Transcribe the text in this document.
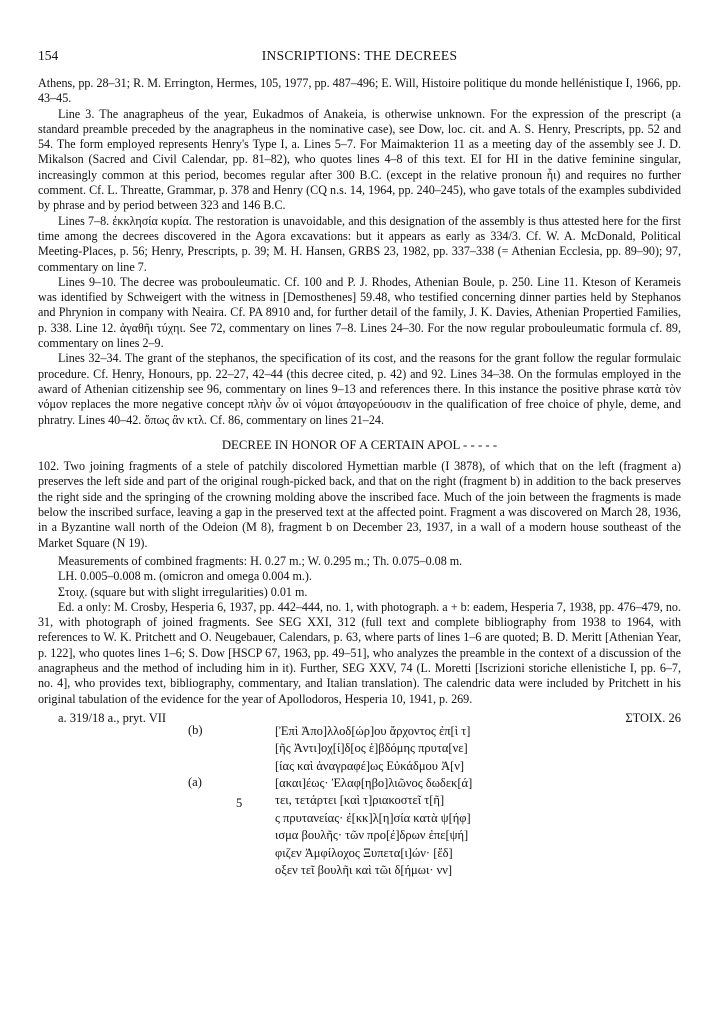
154	INSCRIPTIONS: THE DECREES

Athens, pp. 28–31; R. M. Errington, Hermes, 105, 1977, pp. 487–496; E. Will, Histoire politique du monde hellénistique I, 1966, pp. 43–45.

Line 3. The anagrapheus of the year, Eukadmos of Anakeia, is otherwise unknown. For the expression of the prescript (a standard preamble preceded by the anagrapheus in the nominative case), see Dow, loc. cit. and A. S. Henry, Prescripts, pp. 52 and 54. The form employed represents Henry's Type I, a. Lines 5–7. For Maimakterion 11 as a meeting day of the assembly see J. D. Mikalson (Sacred and Civil Calendar, pp. 81–82), who quotes lines 4–8 of this text. EI for HI in the dative feminine singular, increasingly common at this period, becomes regular after 300 B.C. (except in the relative pronoun ἧι) and requires no further comment. Cf. L. Threatte, Grammar, p. 378 and Henry (CQ n.s. 14, 1964, pp. 240–245), who gave totals of the examples subdivided by phrase and by period between 323 and 146 B.C.

Lines 7–8. ἐκκλησία κυρία. The restoration is unavoidable, and this designation of the assembly is thus attested here for the first time among the decrees discovered in the Agora excavations: but it appears as early as 334/3. Cf. W. A. McDonald, Political Meeting-Places, p. 56; Henry, Prescripts, p. 39; M. H. Hansen, GRBS 23, 1982, pp. 337–338 (= Athenian Ecclesia, pp. 89–90); 97, commentary on line 7.

Lines 9–10. The decree was probouleumatic. Cf. 100 and P. J. Rhodes, Athenian Boule, p. 250. Line 11. Kteson of Kerameis was identified by Schweigert with the witness in [Demosthenes] 59.48, who testified concerning dinner parties held by Stephanos and Phrynion in company with Neaira. Cf. PA 8910 and, for further detail of the family, J. K. Davies, Athenian Propertied Families, p. 338. Line 12. ἀγαθῆι τύχηι. See 72, commentary on lines 7–8. Lines 24–30. For the now regular probouleumatic formula cf. 89, commentary on lines 2–9.

Lines 32–34. The grant of the stephanos, the specification of its cost, and the reasons for the grant follow the regular formulaic procedure. Cf. Henry, Honours, pp. 22–27, 42–44 (this decree cited, p. 42) and 92. Lines 34–38. On the formulas employed in the award of Athenian citizenship see 96, commentary on lines 9–13 and references there. In this instance the positive phrase κατὰ τὸν νόμον replaces the more negative concept πλὴν ὧν οἱ νόμοι ἀπαγορεύουσιν in the qualification of free choice of phyle, deme, and phratry. Lines 40–42. ὅπως ἂν κτλ. Cf. 86, commentary on lines 21–24.

DECREE IN HONOR OF A CERTAIN APOL - - - - -

102. Two joining fragments of a stele of patchily discolored Hymettian marble (I 3878), of which that on the left (fragment a) preserves the left side and part of the original rough-picked back, and that on the right (fragment b) in addition to the back preserves the right side and the springing of the crowning molding above the inscribed face. Much of the join between the fragments is made below the inscribed surface, leaving a gap in the preserved text at the affected point. Fragment a was discovered on March 28, 1936, in a Byzantine wall north of the Odeion (M 8), fragment b on December 23, 1937, in a wall of a modern house southeast of the Market Square (N 19).

Measurements of combined fragments: H. 0.27 m.; W. 0.295 m.; Th. 0.075–0.08 m.
LH. 0.005–0.008 m. (omicron and omega 0.004 m.).
Στοιχ. (square but with slight irregularities) 0.01 m.

Ed. a only: M. Crosby, Hesperia 6, 1937, pp. 442–444, no. 1, with photograph. a + b: eadem, Hesperia 7, 1938, pp. 476–479, no. 31, with photograph of joined fragments. See SEG XXI, 312 (full text and complete bibliography from 1938 to 1964, with references to W. K. Pritchett and O. Neugebauer, Calendars, p. 63, where parts of lines 1–6 are quoted; B. D. Meritt [Athenian Year, p. 122], who quotes lines 1–6; S. Dow [HSCP 67, 1963, pp. 49–51], who analyzes the preamble in the context of a discussion of the anagrapheus and the method of including him in it). Further, SEG XXV, 74 (L. Moretti [Iscrizioni storiche ellenistiche I, pp. 6–7, no. 4], who provides text, bibliography, commentary, and Italian translation). The calendric data were included by Pritchett in his original tabulation of the evidence for the year of Apollodoros, Hesperia 10, 1941, p. 269.

a. 319/18 a., pryt. VII	ΣΤΟΙΧ. 26
(b)
(a)
5
[Ἐπὶ Ἀπο]λλοδ[ώρ]ου ἄρχοντος ἐπ[ὶ τ]
[ῆς Ἀντι]οχ[ί]δ[ος ἑ]βδόμης πρυτα[νε]
[ίας καὶ ἀναγραφέ]ως Εὐκάδμου Ἀ[ν]
[ακαι]έως· Ἐλαφ[ηβο]λιῶνος δωδεκ[ά]
τει, τετάρτει [καὶ τ]ριακοστεῖ τ[ῆ]
ς πρυτανείας· ἐ[κκ]λ[η]σία κατὰ ψ[ήφ]
ισμα βουλῆς· τῶν προ[έ]δρων ἐπε[ψή]
φιζεν Ἀμφίλοχος Ξυπετα[ι]ών· [ἔδ]
οξεν τεῖ βουλῆι καὶ τῶι δ[ήμωι· νν]
